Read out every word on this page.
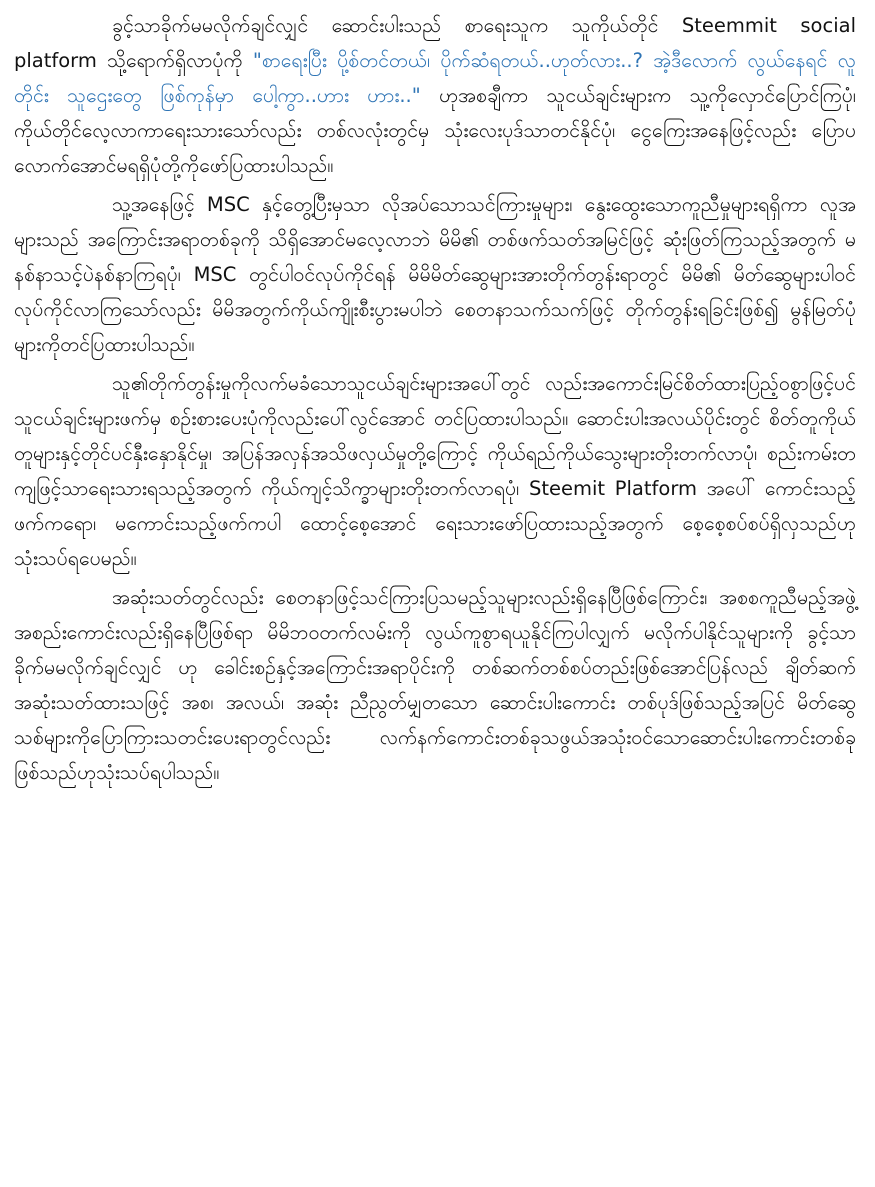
ခွင့်သာခိုက်မမလိုက်ချင်လျှင် ဆောင်းပါးသည် စာရေးသူက သူကိုယ်တိုင် Steemmit social platform သို့ရောက်ရှိလာပုံကို "စာရေးပြီး ပို့စ်တင်တယ်၊ ပိုက်ဆံရတယ်..ဟုတ်လား..? အဲ့ဒီလောက် လွယ်နေရင် လူတိုင်း သူဌေးတွေ ဖြစ်ကုန်မှာ ပေါ့ကွာ..ဟား ဟား.." ဟုအစချီကာ သူငယ်ချင်းများက သူ့ကိုလှောင်ပြောင်ကြပုံ၊ ကိုယ်တိုင်လေ့လာကာရေးသားသော်လည်း တစ်လလုံးတွင်မှ သုံးလေးပုဒ်သာတင်နိုင်ပုံ၊ ငွေကြေးအနေဖြင့်လည်း ပြောပလောက်အောင်မရရှိပုံတို့ကိုဖော်ပြထားပါသည်။

သူ့အနေဖြင့် MSC နှင့်တွေ့ပြီးမှသာ လိုအပ်သောသင်ကြားမှုများ၊ နွေးထွေးသောကူညီမှုများရရှိကာ လူအများသည် အကြောင်းအရာတစ်ခုကို သိရှိအောင်မလေ့လာဘဲ မိမိ၏ တစ်ဖက်သတ်အမြင်ဖြင့် ဆုံးဖြတ်ကြသည့်အတွက် မနစ်နာသင့်ပဲနစ်နာကြရပုံ၊ MSC တွင်ပါဝင်လုပ်ကိုင်ရန် မိမိမိတ်ဆွေများအားတိုက်တွန်းရာတွင် မိမိ၏ မိတ်ဆွေများပါဝင်လုပ်ကိုင်လာကြသော်လည်း မိမိအတွက်ကိုယ်ကျိုးစီးပွားမပါဘဲ စေတနာသက်သက်ဖြင့် တိုက်တွန်းရခြင်းဖြစ်၍ မွန်မြတ်ပုံများကိုတင်ပြထားပါသည်။

သူ၏တိုက်တွန်းမှုကိုလက်မခံသောသူငယ်ချင်းများအပေါ်တွင် လည်းအကောင်းမြင်စိတ်ထားပြည့်ဝစွာဖြင့်ပင် သူငယ်ချင်းများဖက်မှ စဥ်းစားပေးပုံကိုလည်းပေါ်လွင်အောင် တင်ပြထားပါသည်။ ဆောင်းပါးအလယ်ပိုင်းတွင် စိတ်တူကိုယ်တူများနှင့်တိုင်ပင်နှီးနှောနိုင်မှု၊ အပြန်အလှန်အသိဖလှယ်မှုတို့ကြောင့် ကိုယ်ရည်ကိုယ်သွေးများတိုးတက်လာပုံ၊ စည်းကမ်းတကျဖြင့်သာရေးသားရသည့်အတွက် ကိုယ်ကျင့်သိက္ခာများတိုးတက်လာရပုံ၊ Steemit Platform အပေါ် ကောင်းသည့်ဖက်ကရော၊ မကောင်းသည့်ဖက်ကပါ ထောင့်စေ့အောင် ရေးသားဖော်ပြထားသည့်အတွက် စေ့စေ့စပ်စပ်ရှိလှသည်ဟုသုံးသပ်ရပေမည်။

အဆုံးသတ်တွင်လည်း စေတနာဖြင့်သင်ကြားပြသမည့်သူများလည်းရှိနေပြီဖြစ်ကြောင်း၊ အစစကူညီမည့်အဖွဲ့အစည်းကောင်းလည်းရှိနေပြီဖြစ်ရာ မိမိဘဝတက်လမ်းကို လွယ်ကူစွာရယူနိုင်ကြပါလျှက် မလိုက်ပါနိုင်သူများကို ခွင့်သာခိုက်မမလိုက်ချင်လျှင် ဟု ခေါင်းစဥ်နှင့်အကြောင်းအရာပိုင်းကို တစ်ဆက်တစ်စပ်တည်းဖြစ်အောင်ပြန်လည် ချိတ်ဆက် အဆုံးသတ်ထားသဖြင့် အစ၊ အလယ်၊ အဆုံး ညီညွတ်မျှတသော ဆောင်းပါးကောင်း တစ်ပုဒ်ဖြစ်သည့်အပြင် မိတ်ဆွေသစ်များကိုပြောကြားသတင်းပေးရာတွင်လည်း လက်နက်ကောင်းတစ်ခုသဖွယ်အသုံးဝင်သောဆောင်းပါးကောင်းတစ်ခုဖြစ်သည်ဟုသုံးသပ်ရပါသည်။
